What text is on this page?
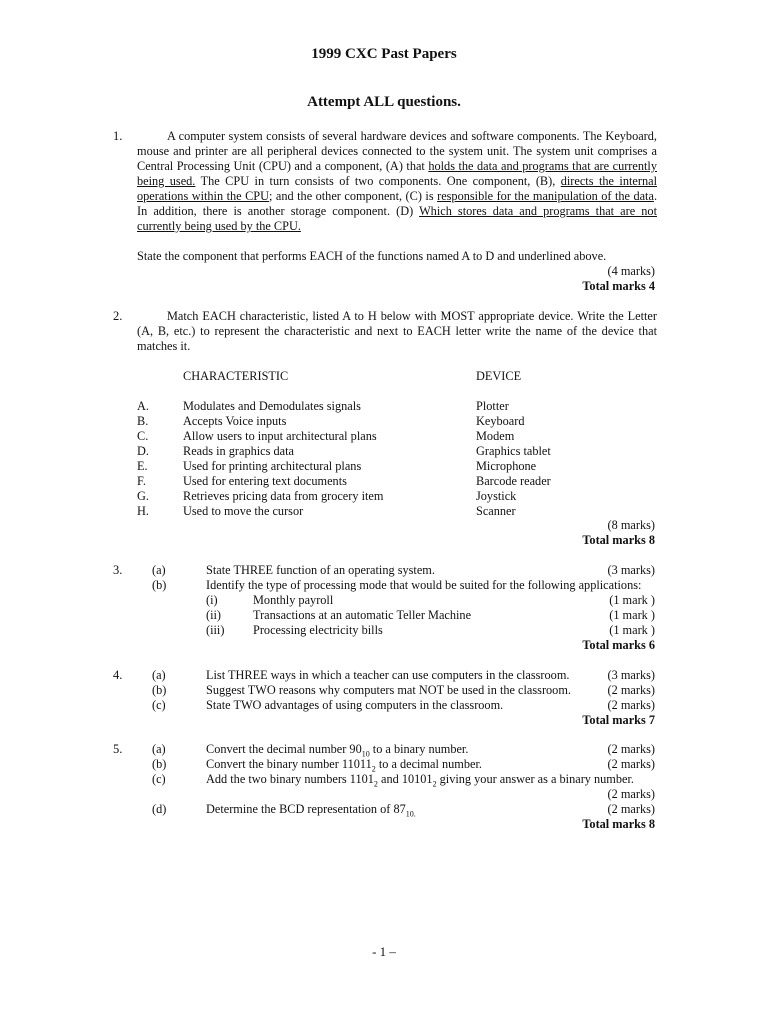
1999 CXC Past Papers
Attempt ALL questions.
1.	A computer system consists of several hardware devices and software components. The Keyboard, mouse and printer are all peripheral devices connected to the system unit. The system unit comprises a Central Processing Unit (CPU) and a component, (A) that holds the data and programs that are currently being used. The CPU in turn consists of two components. One component, (B), directs the internal operations within the CPU; and the other component, (C) is responsible for the manipulation of the data. In addition, there is another storage component. (D) Which stores data and programs that are not currently being used by the CPU.
State the component that performs EACH of the functions named A to D and underlined above.
(4 marks)
Total marks 4
2.	Match EACH characteristic, listed A to H below with MOST appropriate device. Write the Letter (A, B, etc.) to represent the characteristic and next to EACH letter write the name of the device that matches it.
CHARACTERISTIC	DEVICE
A.	Modulates and Demodulates signals	Plotter
B.	Accepts Voice inputs	Keyboard
C.	Allow users to input architectural plans	Modem
D.	Reads in graphics data	Graphics tablet
E.	Used for printing architectural plans	Microphone
F.	Used for entering text documents	Barcode reader
G.	Retrieves pricing data from grocery item	Joystick
H.	Used to move the cursor	Scanner
(8 marks)
Total marks 8
3. (a)	State THREE function of an operating system.	(3 marks)
(b)	Identify the type of processing mode that would be suited for the following applications:
(i)	Monthly payroll	(1 mark )
(ii)	Transactions at an automatic Teller Machine	(1 mark )
(iii) Processing electricity bills	(1 mark )
Total marks 6
4. (a)	List THREE ways in which a teacher can use computers in the classroom.	(3 marks)
(b)	Suggest TWO reasons why computers mat NOT be used in the classroom.	(2 marks)
(c)	State TWO advantages of using computers in the classroom.	(2 marks)
Total marks 7
5. (a)	Convert the decimal number $90_{10}$ to a binary number.	(2 marks)
(b)	Convert the binary number $11011_2$ to a decimal number.	(2 marks)
(c)	Add the two binary numbers $1101_2$ and $10101_2$ giving your answer as a binary number.
(2 marks)
(d)	Determine the BCD representation of $87_{10.}$	(2 marks)
Total marks 8
- 1 –
